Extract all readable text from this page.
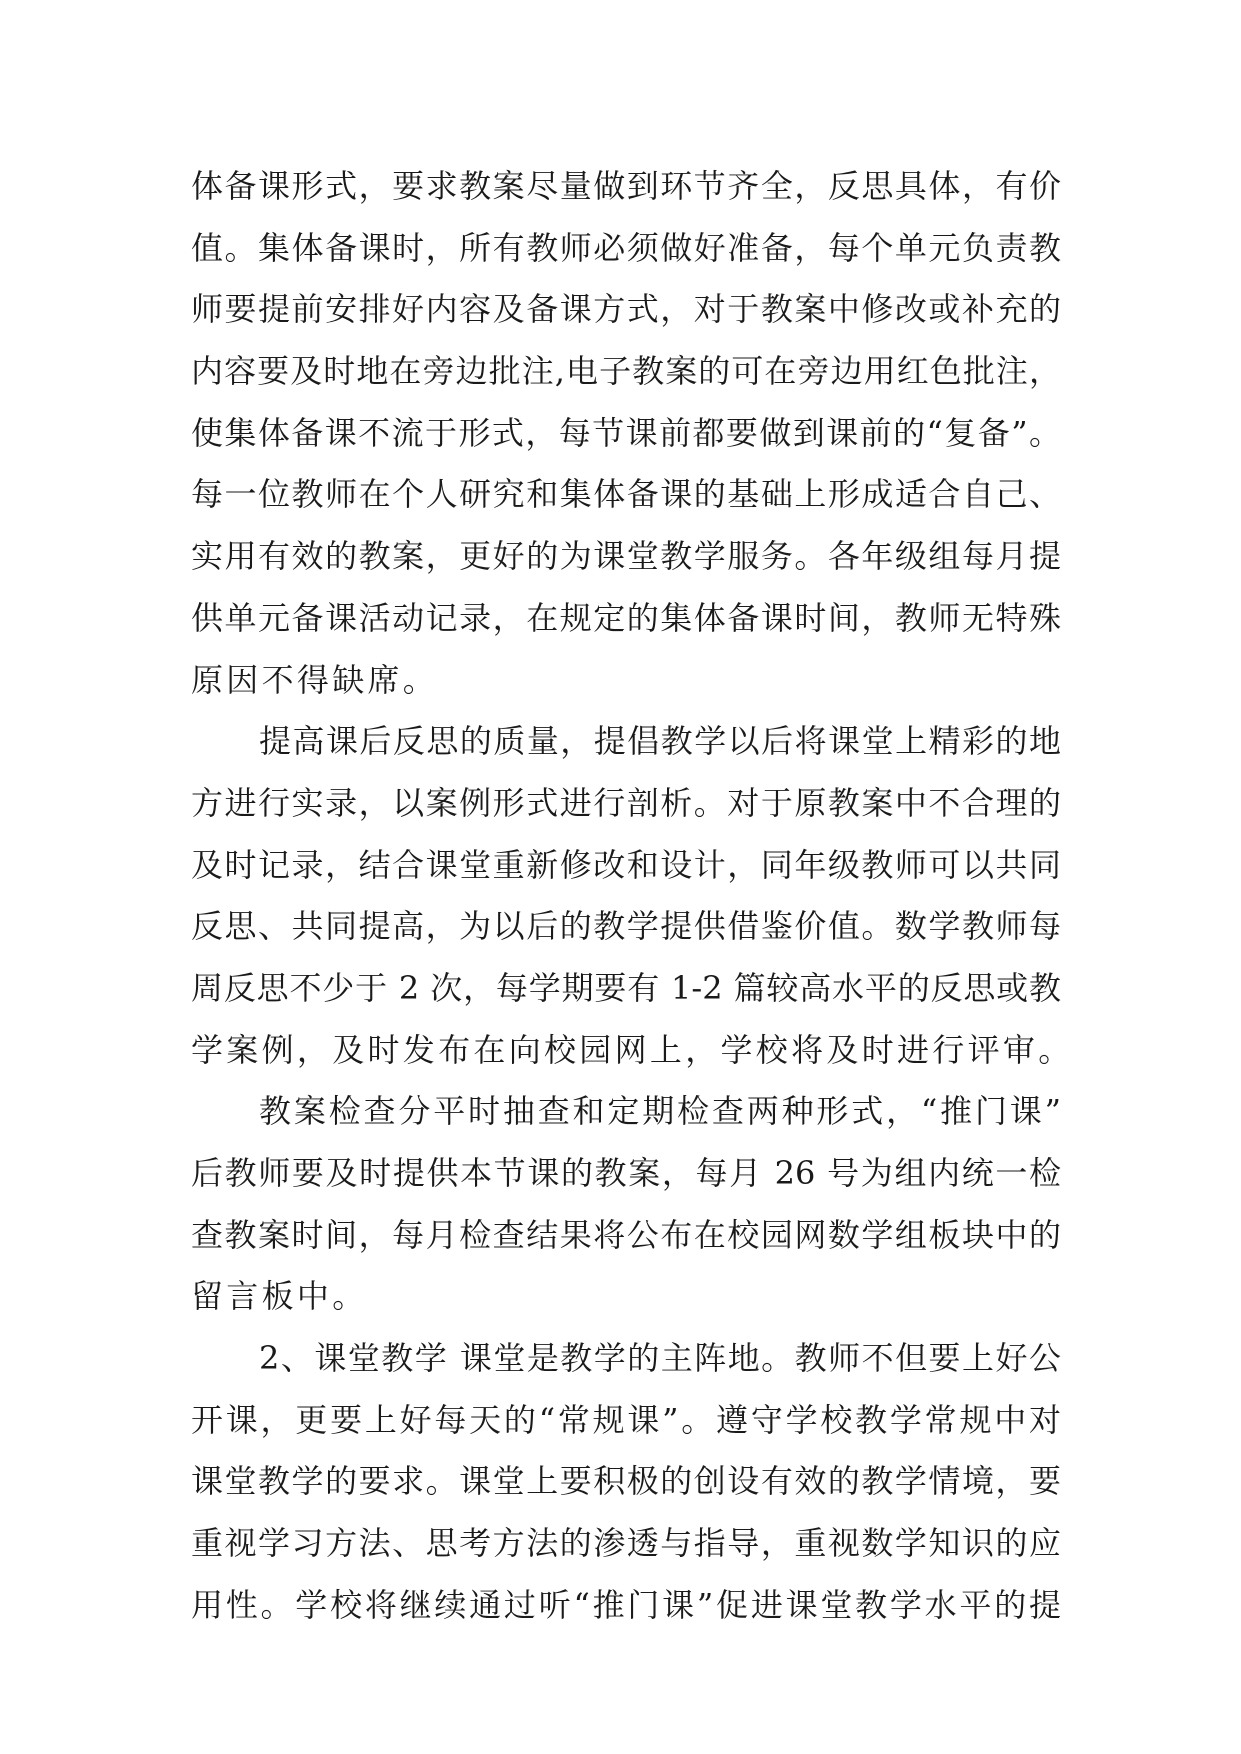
体备课形式，要求教案尽量做到环节齐全，反思具体，有价
值。集体备课时，所有教师必须做好准备，每个单元负责教
师要提前安排好内容及备课方式，对于教案中修改或补充的
内容要及时地在旁边批注,电子教案的可在旁边用红色批注，
使集体备课不流于形式，每节课前都要做到课前的“复备”。
每一位教师在个人研究和集体备课的基础上形成适合自己、
实用有效的教案，更好的为课堂教学服务。各年级组每月提
供单元备课活动记录，在规定的集体备课时间，教师无特殊
原因不得缺席。
提高课后反思的质量，提倡教学以后将课堂上精彩的地
方进行实录，以案例形式进行剖析。对于原教案中不合理的
及时记录，结合课堂重新修改和设计，同年级教师可以共同
反思、共同提高，为以后的教学提供借鉴价值。数学教师每
周反思不少于 2 次，每学期要有 1-2 篇较高水平的反思或教
学案例，及时发布在向校园网上，学校将及时进行评审。
教案检查分平时抽查和定期检查两种形式，“推门课”
后教师要及时提供本节课的教案，每月 26 号为组内统一检
查教案时间，每月检查结果将公布在校园网数学组板块中的
留言板中。
2、课堂教学 课堂是教学的主阵地。教师不但要上好公
开课，更要上好每天的“常规课”。遵守学校教学常规中对
课堂教学的要求。课堂上要积极的创设有效的教学情境，要
重视学习方法、思考方法的渗透与指导，重视数学知识的应
用性。学校将继续通过听“推门课”促进课堂教学水平的提
